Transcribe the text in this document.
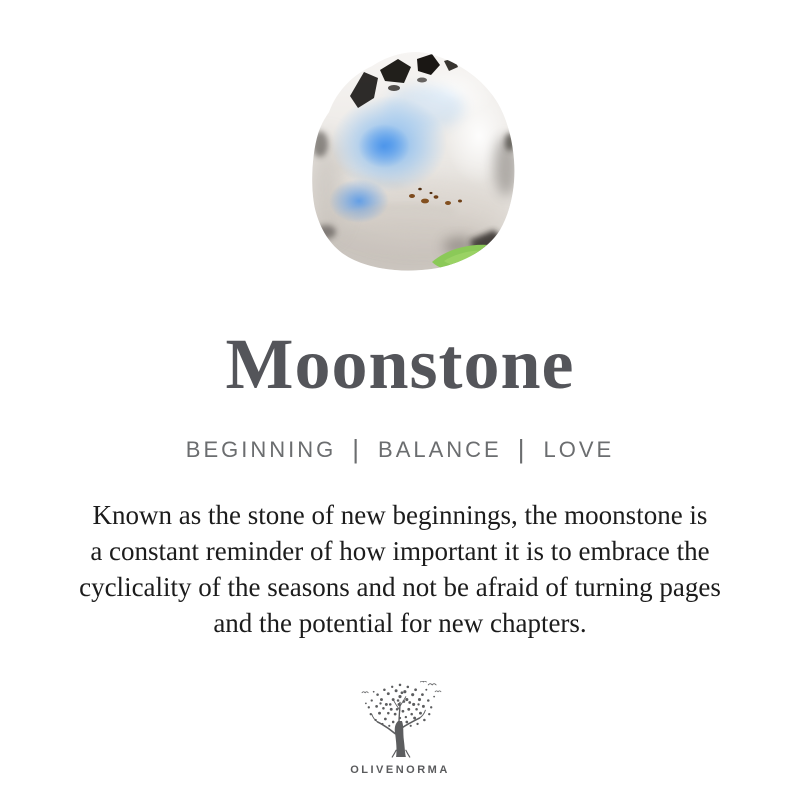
Moonstone
BEGINNING | BALANCE | LOVE
Known as the stone of new beginnings, the moonstone is
a constant reminder of how important it is to embrace the
cyclicality of the seasons and not be afraid of turning pages
and the potential for new chapters.
OLIVENORMA
